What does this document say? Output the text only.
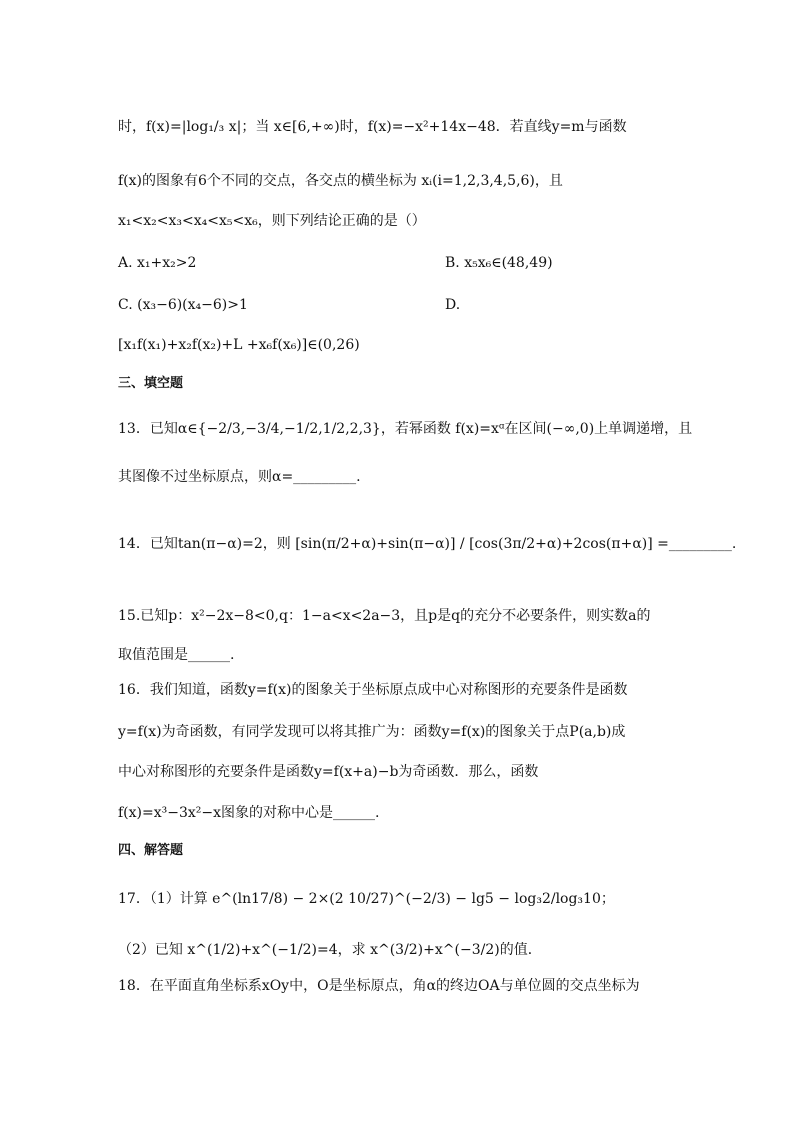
时，f(x)=|log₁/₃ x|；当 x∈[6,+∞)时，f(x)=−x²+14x−48．若直线y=m与函数
f(x)的图象有6个不同的交点，各交点的横坐标为 xᵢ(i=1,2,3,4,5,6)，且
x₁<x₂<x₃<x₄<x₅<x₆，则下列结论正确的是（）
A. x₁+x₂>2	B. x₅x₆∈(48,49)
C. (x₃−6)(x₄−6)>1	D.
[x₁f(x₁)+x₂f(x₂)+L +x₆f(x₆)]∈(0,26)
三、填空题
13．已知α∈{−2/3,−3/4,−1/2,1/2,2,3}，若幂函数 f(x)=xᵅ在区间(−∞,0)上单调递增，且
其图像不过坐标原点，则α=_________.
14．已知tan(π−α)=2，则 [sin(π/2+α)+sin(π−α)] / [cos(3π/2+α)+2cos(π+α)] =_________.
15.已知p：x²−2x−8<0,q：1−a<x<2a−3，且p是q的充分不必要条件，则实数a的
取值范围是______.
16．我们知道，函数y=f(x)的图象关于坐标原点成中心对称图形的充要条件是函数
y=f(x)为奇函数，有同学发现可以将其推广为：函数y=f(x)的图象关于点P(a,b)成
中心对称图形的充要条件是函数y=f(x+a)−b为奇函数．那么，函数
f(x)=x³−3x²−x图象的对称中心是______.
四、解答题
17．（1）计算 e^(ln17/8) − 2×(2 10/27)^(−2/3) − lg5 − log₃2/log₃10；
（2）已知 x^(1/2)+x^(−1/2)=4，求 x^(3/2)+x^(−3/2)的值．
18．在平面直角坐标系xOy中，O是坐标原点，角α的终边OA与单位圆的交点坐标为
